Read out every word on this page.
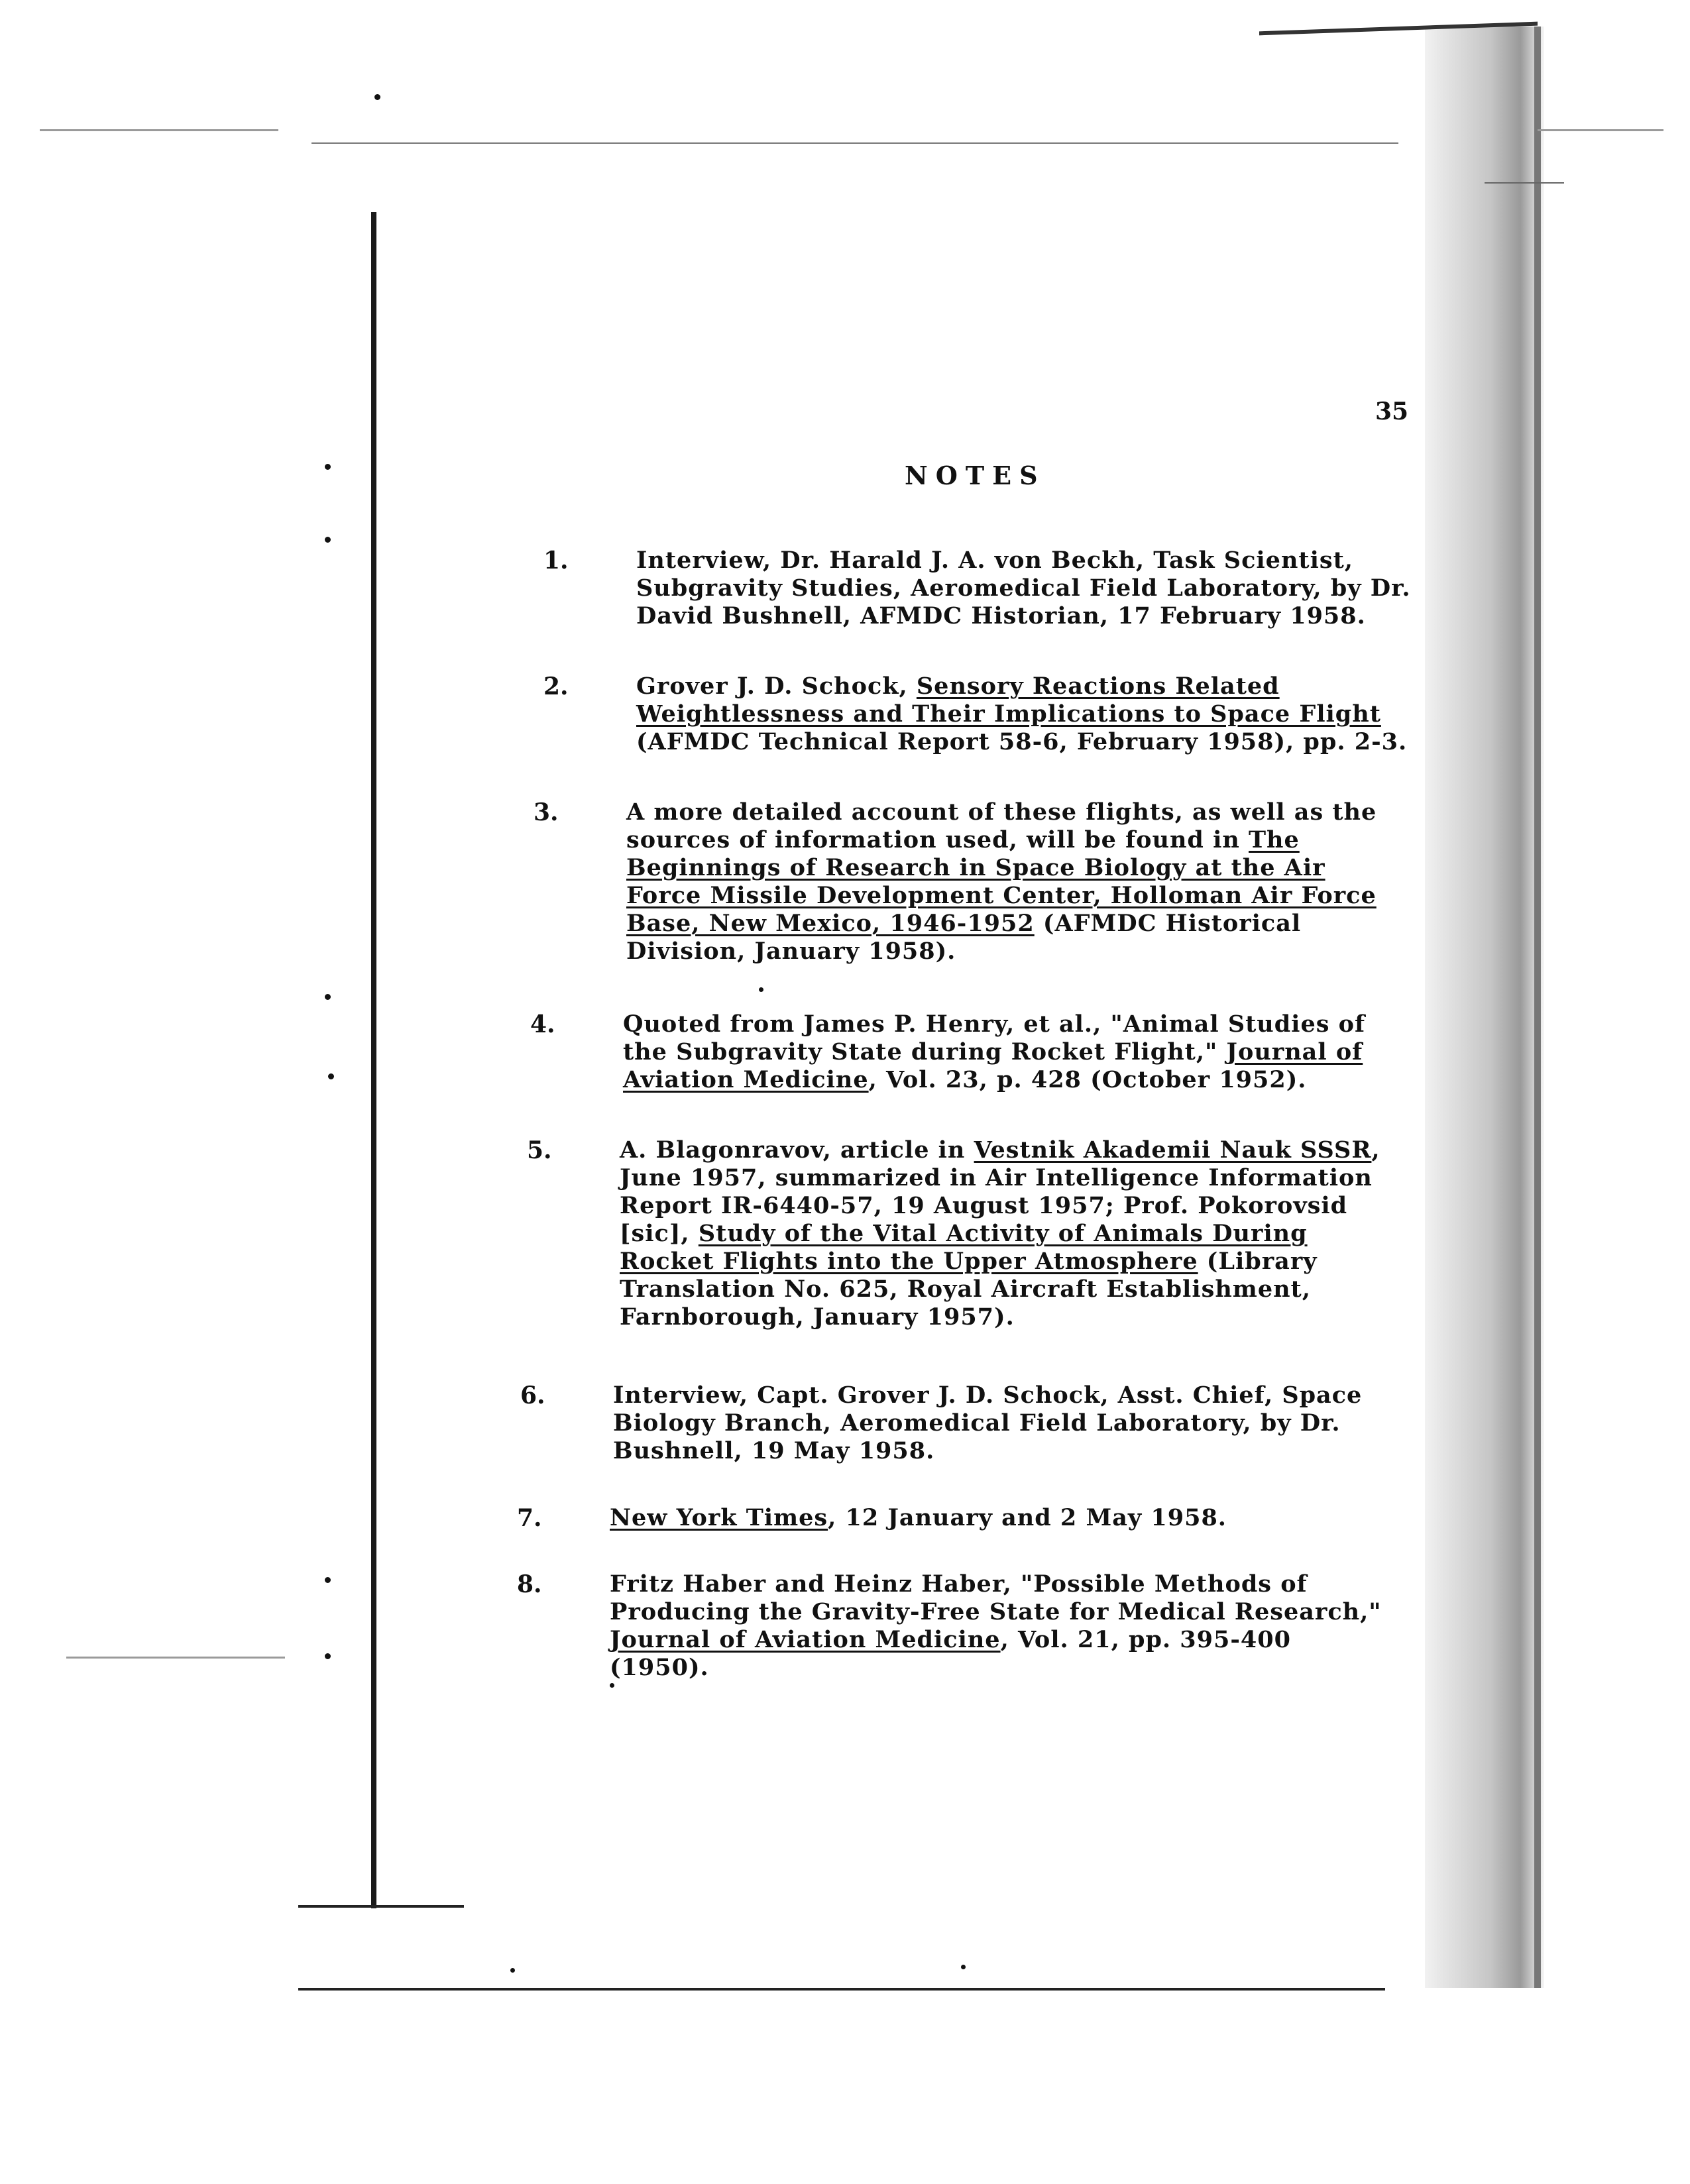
35
NOTES
1.	Interview, Dr. Harald J. A. von Beckh, Task Scientist, Subgravity Studies, Aeromedical Field Laboratory, by Dr. David Bushnell, AFMDC Historian, 17 February 1958.
2.	Grover J. D. Schock, Sensory Reactions Related Weightlessness and Their Implications to Space Flight (AFMDC Technical Report 58-6, February 1958), pp. 2-3.
3.	A more detailed account of these flights, as well as the sources of information used, will be found in The Beginnings of Research in Space Biology at the Air Force Missile Development Center, Holloman Air Force Base, New Mexico, 1946-1952 (AFMDC Historical Division, January 1958).
4.	Quoted from James P. Henry, et al., "Animal Studies of the Subgravity State during Rocket Flight," Journal of Aviation Medicine, Vol. 23, p. 428 (October 1952).
5.	A. Blagonravov, article in Vestnik Akademii Nauk SSSR, June 1957, summarized in Air Intelligence Information Report IR-6440-57, 19 August 1957; Prof. Pokorovsid [sic], Study of the Vital Activity of Animals During Rocket Flights into the Upper Atmosphere (Library Translation No. 625, Royal Aircraft Establishment, Farnborough, January 1957).
6.	Interview, Capt. Grover J. D. Schock, Asst. Chief, Space Biology Branch, Aeromedical Field Laboratory, by Dr. Bushnell, 19 May 1958.
7.	New York Times, 12 January and 2 May 1958.
8.	Fritz Haber and Heinz Haber, "Possible Methods of Producing the Gravity-Free State for Medical Research," Journal of Aviation Medicine, Vol. 21, pp. 395-400 (1950).
